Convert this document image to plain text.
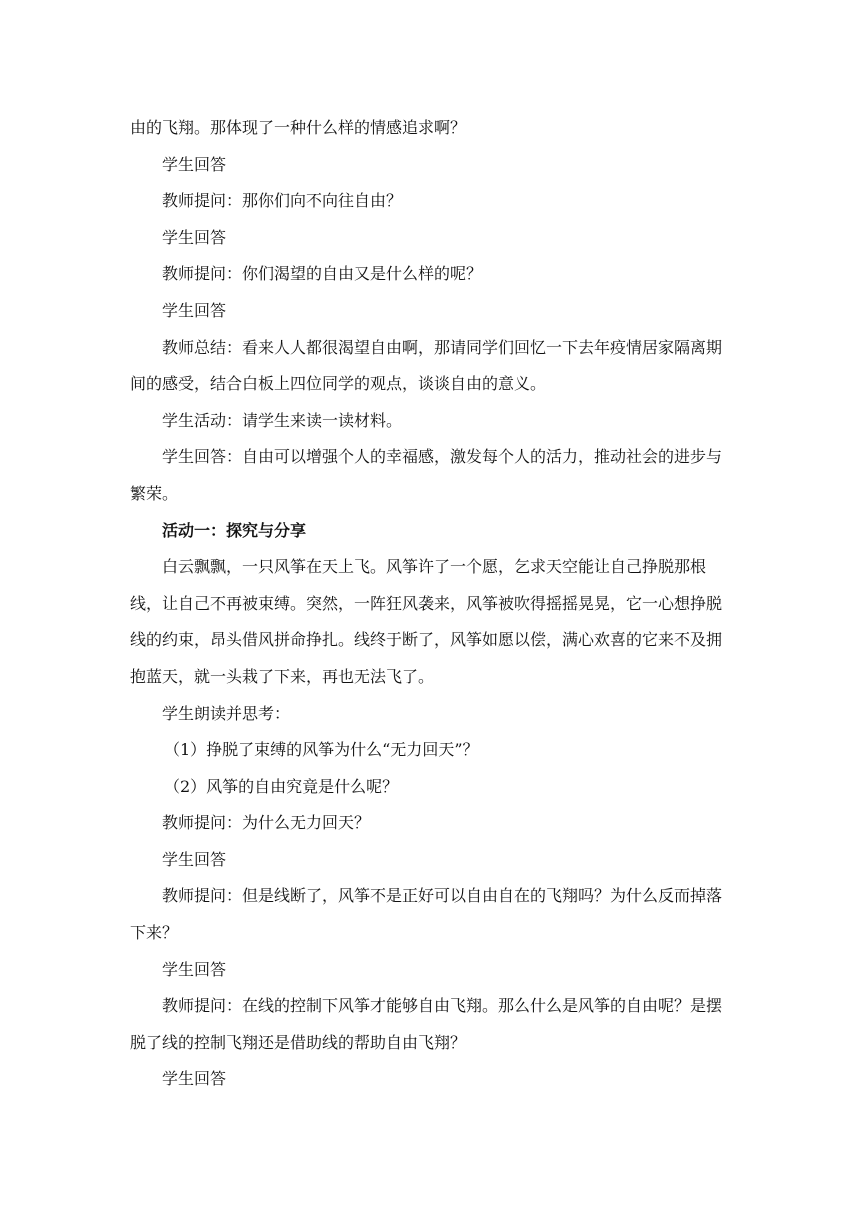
由的飞翔。那体现了一种什么样的情感追求啊？

学生回答

教师提问：那你们向不向往自由？

学生回答

教师提问：你们渴望的自由又是什么样的呢？

学生回答

教师总结：看来人人都很渴望自由啊，那请同学们回忆一下去年疫情居家隔离期间的感受，结合白板上四位同学的观点，谈谈自由的意义。

学生活动：请学生来读一读材料。

学生回答：自由可以增强个人的幸福感，激发每个人的活力，推动社会的进步与繁荣。

活动一：探究与分享

白云飘飘，一只风筝在天上飞。风筝许了一个愿，乞求天空能让自己挣脱那根线，让自己不再被束缚。突然，一阵狂风袭来，风筝被吹得摇摇晃晃，它一心想挣脱线的约束，昂头借风拼命挣扎。线终于断了，风筝如愿以偿，满心欢喜的它来不及拥抱蓝天，就一头栽了下来，再也无法飞了。

学生朗读并思考：

（1）挣脱了束缚的风筝为什么“无力回天”？

（2）风筝的自由究竟是什么呢？

教师提问：为什么无力回天？

学生回答

教师提问：但是线断了，风筝不是正好可以自由自在的飞翔吗？为什么反而掉落下来？

学生回答

教师提问：在线的控制下风筝才能够自由飞翔。那么什么是风筝的自由呢？是摆脱了线的控制飞翔还是借助线的帮助自由飞翔？

学生回答
